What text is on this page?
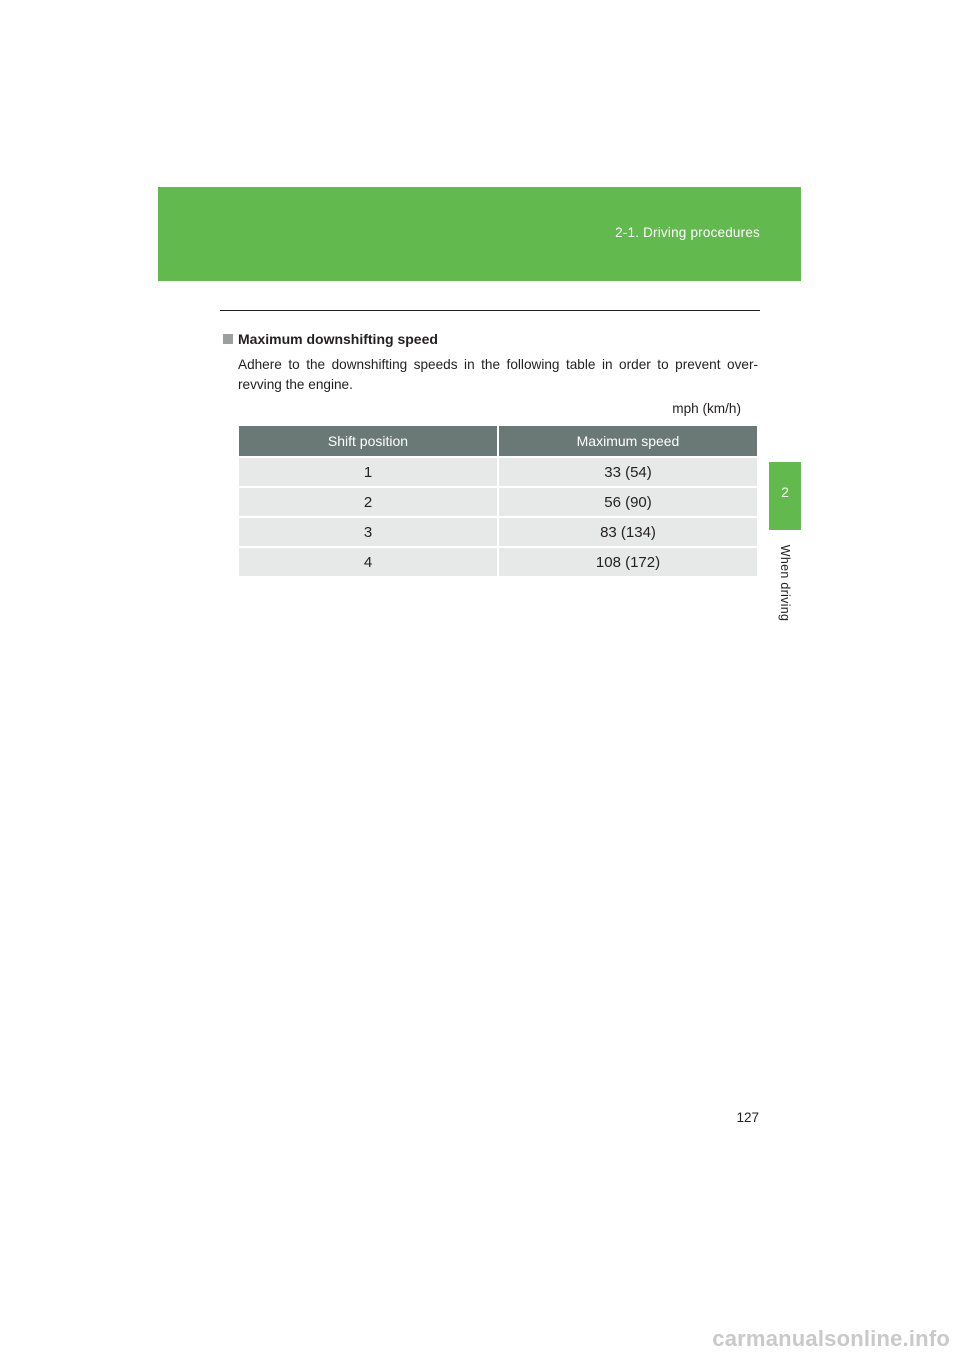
2-1. Driving procedures
2
When driving
Maximum downshifting speed
Adhere to the downshifting speeds in the following table in order to prevent over-revving the engine.
mph (km/h)
Shift position	Maximum speed
1	33 (54)
2	56 (90)
3	83 (134)
4	108 (172)
127
carmanualsonline.info
